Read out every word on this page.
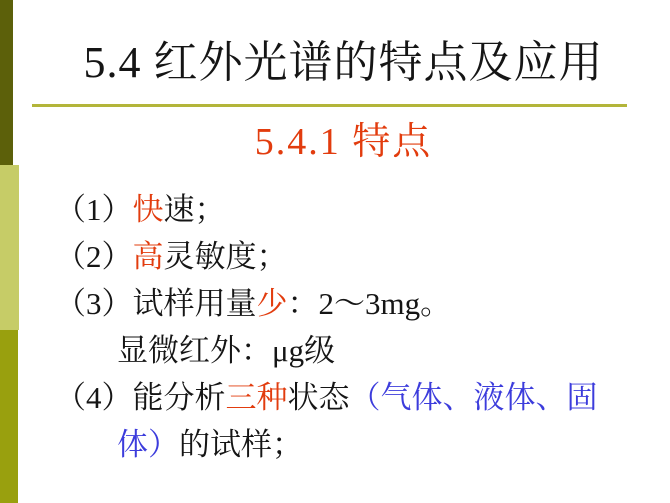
5.4 红外光谱的特点及应用
5.4.1 特点
（1）快速；
（2）高灵敏度；
（3）试样用量少：2～3mg。
显微红外：μg级
（4）能分析三种状态（气体、液体、固
体）的试样；
